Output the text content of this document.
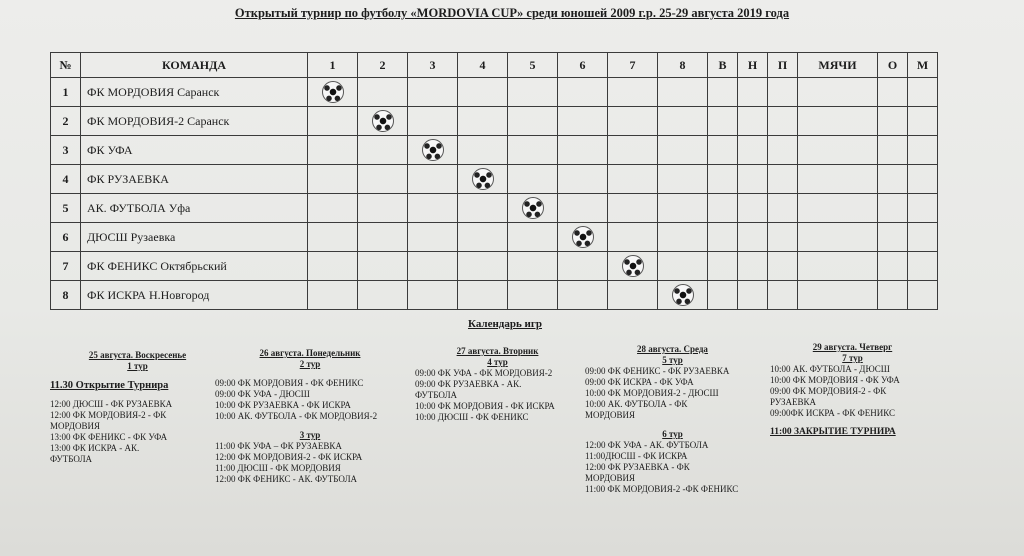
Открытый турнир по футболу «MORDOVIA CUP» среди юношей 2009 г.р. 25-29 августа 2019 года
№	КОМАНДА	1	2	3	4	5	6	7	8	В	Н	П	МЯЧИ	О	М
1	ФК МОРДОВИЯ Саранск														
2	ФК МОРДОВИЯ-2 Саранск														
3	ФК УФА														
4	ФК РУЗАЕВКА														
5	АК. ФУТБОЛА Уфа														
6	ДЮСШ Рузаевка														
7	ФК ФЕНИКС Октябрьский														
8	ФК ИСКРА Н.Новгород														
Календарь игр
25 августа. Воскресенье
1 тур
11.30 Открытие Турнира
12:00 ДЮСШ - ФК РУЗАЕВКА
12:00 ФК МОРДОВИЯ-2 - ФК
МОРДОВИЯ
13:00 ФК ФЕНИКС - ФК УФА
13:00 ФК ИСКРА - АК.
ФУТБОЛА
26 августа. Понедельник
2 тур
09:00 ФК МОРДОВИЯ - ФК ФЕНИКС
09:00 ФК УФА - ДЮСШ
10:00 ФК РУЗАЕВКА - ФК ИСКРА
10:00 АК. ФУТБОЛА - ФК МОРДОВИЯ-2
3 тур
11:00 ФК УФА – ФК РУЗАЕВКА
12:00 ФК МОРДОВИЯ-2 - ФК ИСКРА
11:00 ДЮСШ - ФК МОРДОВИЯ
12:00 ФК ФЕНИКС - АК. ФУТБОЛА
27 августа. Вторник
4 тур
09:00 ФК УФА - ФК МОРДОВИЯ-2
09:00 ФК РУЗАЕВКА - АК.
ФУТБОЛА
10:00 ФК МОРДОВИЯ - ФК ИСКРА
10:00 ДЮСШ - ФК ФЕНИКС
28 августа. Среда
5 тур
09:00 ФК ФЕНИКС - ФК РУЗАЕВКА
09:00 ФК ИСКРА - ФК УФА
10:00 ФК МОРДОВИЯ-2 - ДЮСШ
10:00 АК. ФУТБОЛА - ФК
МОРДОВИЯ
6 тур
12:00 ФК УФА - АК. ФУТБОЛА
11:00ДЮСШ - ФК ИСКРА
12:00 ФК РУЗАЕВКА - ФК
МОРДОВИЯ
11:00 ФК МОРДОВИЯ-2 -ФК ФЕНИКС
29 августа. Четверг
7 тур
10:00 АК. ФУТБОЛА - ДЮСШ
10:00 ФК МОРДОВИЯ - ФК УФА
09:00 ФК МОРДОВИЯ-2 - ФК
РУЗАЕВКА
09:00ФК ИСКРА - ФК ФЕНИКС
11:00 ЗАКРЫТИЕ ТУРНИРА
